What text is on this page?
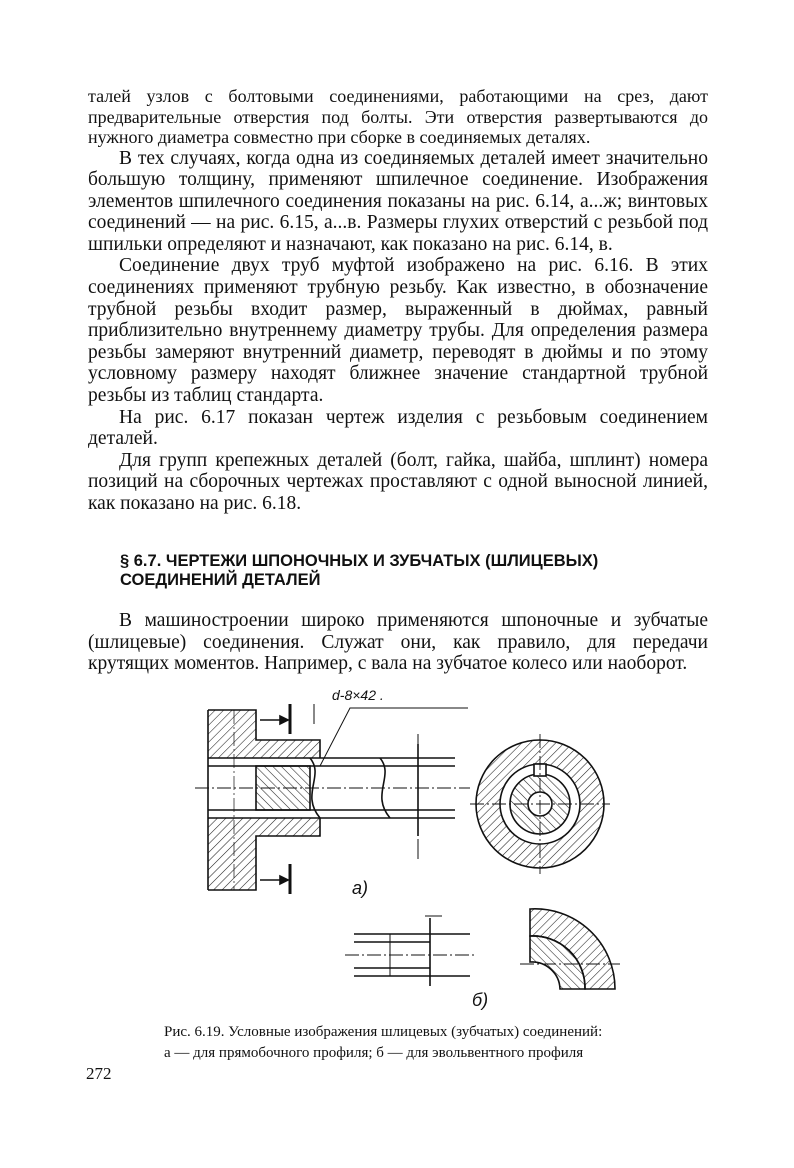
талей узлов с болтовыми соединениями, работающими на срез, дают предварительные отверстия под болты. Эти отверстия развертываются до нужного диаметра совместно при сборке в соединяемых деталях.

В тех случаях, когда одна из соединяемых деталей имеет значительно большую толщину, применяют шпилечное соединение. Изображения элементов шпилечного соединения показаны на рис. 6.14, а...ж; винтовых соединений — на рис. 6.15, а...в. Размеры глухих отверстий с резьбой под шпильки определяют и назначают, как показано на рис. 6.14, в.

Соединение двух труб муфтой изображено на рис. 6.16. В этих соединениях применяют трубную резьбу. Как известно, в обозначение трубной резьбы входит размер, выраженный в дюймах, равный приблизительно внутреннему диаметру трубы. Для определения размера резьбы замеряют внутренний диаметр, переводят в дюймы и по этому условному размеру находят ближнее значение стандартной трубной резьбы из таблиц стандарта.

На рис. 6.17 показан чертеж изделия с резьбовым соединением деталей.

Для групп крепежных деталей (болт, гайка, шайба, шплинт) номера позиций на сборочных чертежах проставляют с одной выносной линией, как показано на рис. 6.18.

§ 6.7. ЧЕРТЕЖИ ШПОНОЧНЫХ И ЗУБЧАТЫХ (ШЛИЦЕВЫХ)
СОЕДИНЕНИЙ ДЕТАЛЕЙ

В машиностроении широко применяются шпоночные и зубчатые (шлицевые) соединения. Служат они, как правило, для передачи крутящих моментов. Например, с вала на зубчатое колесо или наоборот.

d-8×42 .
а)
б)
Рис. 6.19. Условные изображения шлицевых (зубчатых) соединений:
а — для прямобочного профиля; б — для эвольвентного профиля
272
